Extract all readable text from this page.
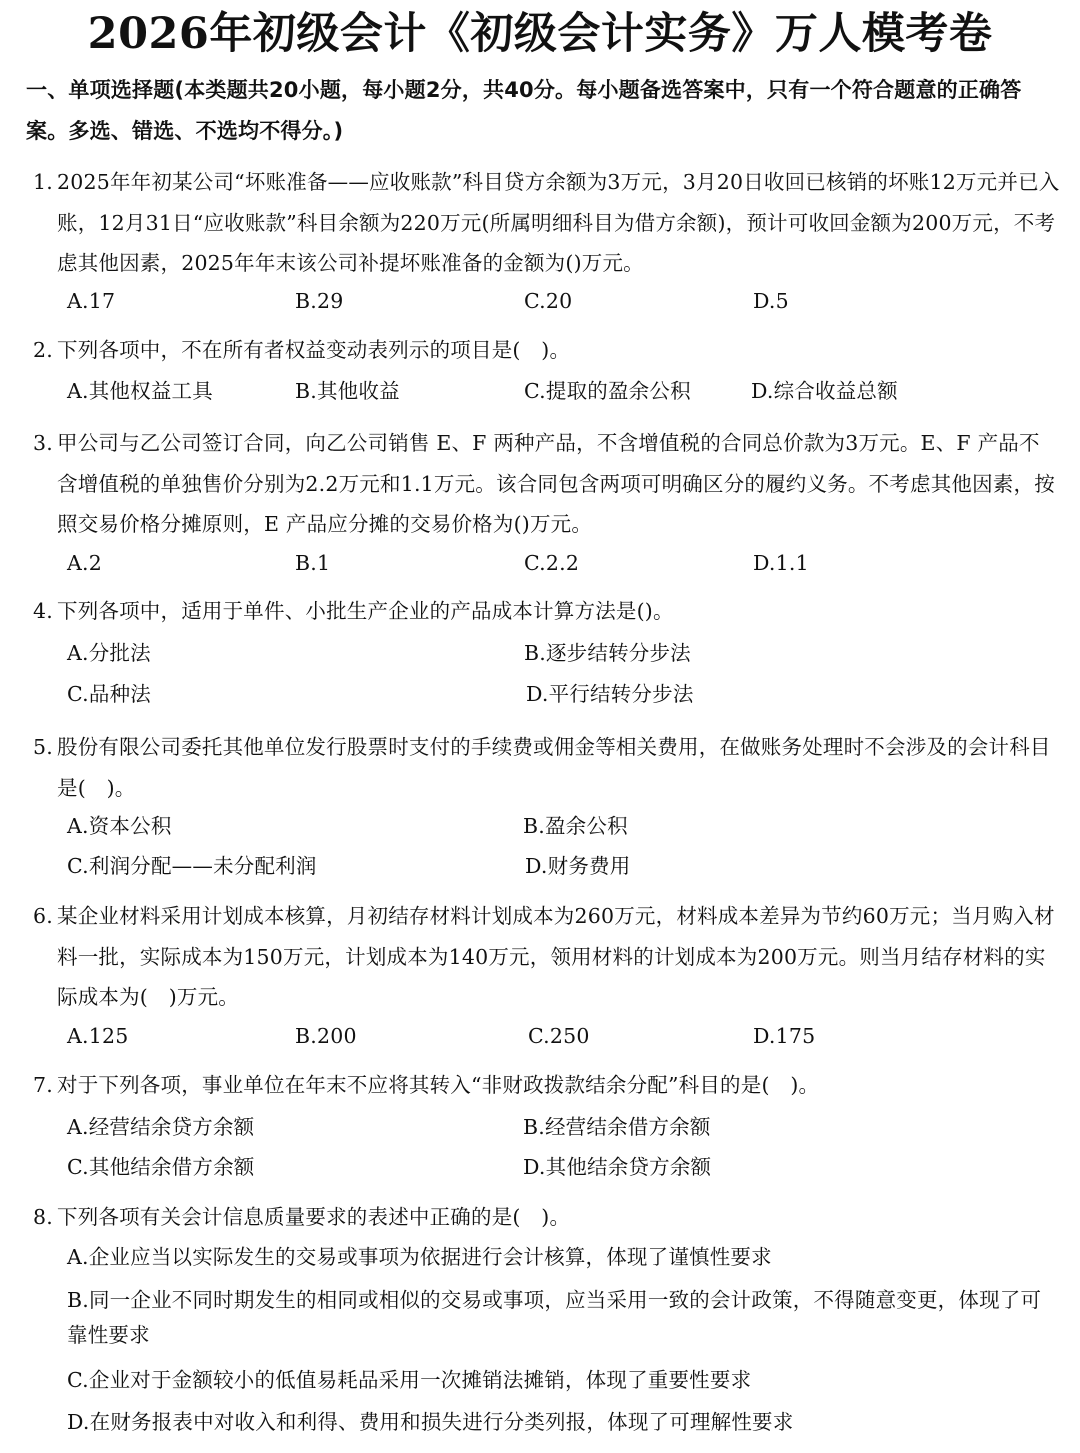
2026年初级会计《初级会计实务》万人模考卷
一、单项选择题(本类题共20小题，每小题2分，共40分。每小题备选答案中，只有一个符合题意的正确答案。多选、错选、不选均不得分。)
1. 2025年年初某公司“坏账准备——应收账款”科目贷方余额为3万元，3月20日收回已核销的坏账12万元并已入账，12月31日“应收账款”科目余额为220万元(所属明细科目为借方余额)，预计可收回金额为200万元，不考虑其他因素，2025年年末该公司补提坏账准备的金额为()万元。
A.17	B.29	C.20	D.5
2. 下列各项中，不在所有者权益变动表列示的项目是(　)。
A.其他权益工具	B.其他收益	C.提取的盈余公积	D.综合收益总额
3. 甲公司与乙公司签订合同，向乙公司销售 E、F 两种产品，不含增值税的合同总价款为3万元。E、F 产品不含增值税的单独售价分别为2.2万元和1.1万元。该合同包含两项可明确区分的履约义务。不考虑其他因素，按照交易价格分摊原则，E 产品应分摊的交易价格为()万元。
A.2	B.1	C.2.2	D.1.1
4. 下列各项中，适用于单件、小批生产企业的产品成本计算方法是()。
A.分批法	B.逐步结转分步法
C.品种法	D.平行结转分步法
5. 股份有限公司委托其他单位发行股票时支付的手续费或佣金等相关费用，在做账务处理时不会涉及的会计科目是(　)。
A.资本公积	B.盈余公积
C.利润分配——未分配利润	D.财务费用
6. 某企业材料采用计划成本核算，月初结存材料计划成本为260万元，材料成本差异为节约60万元；当月购入材料一批，实际成本为150万元，计划成本为140万元，领用材料的计划成本为200万元。则当月结存材料的实际成本为(　)万元。
A.125	B.200	C.250	D.175
7. 对于下列各项，事业单位在年末不应将其转入“非财政拨款结余分配”科目的是(　)。
A.经营结余贷方余额	B.经营结余借方余额
C.其他结余借方余额	D.其他结余贷方余额
8. 下列各项有关会计信息质量要求的表述中正确的是(　)。
A.企业应当以实际发生的交易或事项为依据进行会计核算，体现了谨慎性要求
B.同一企业不同时期发生的相同或相似的交易或事项，应当采用一致的会计政策，不得随意变更，体现了可靠性要求
C.企业对于金额较小的低值易耗品采用一次摊销法摊销，体现了重要性要求
D.在财务报表中对收入和利得、费用和损失进行分类列报，体现了可理解性要求
